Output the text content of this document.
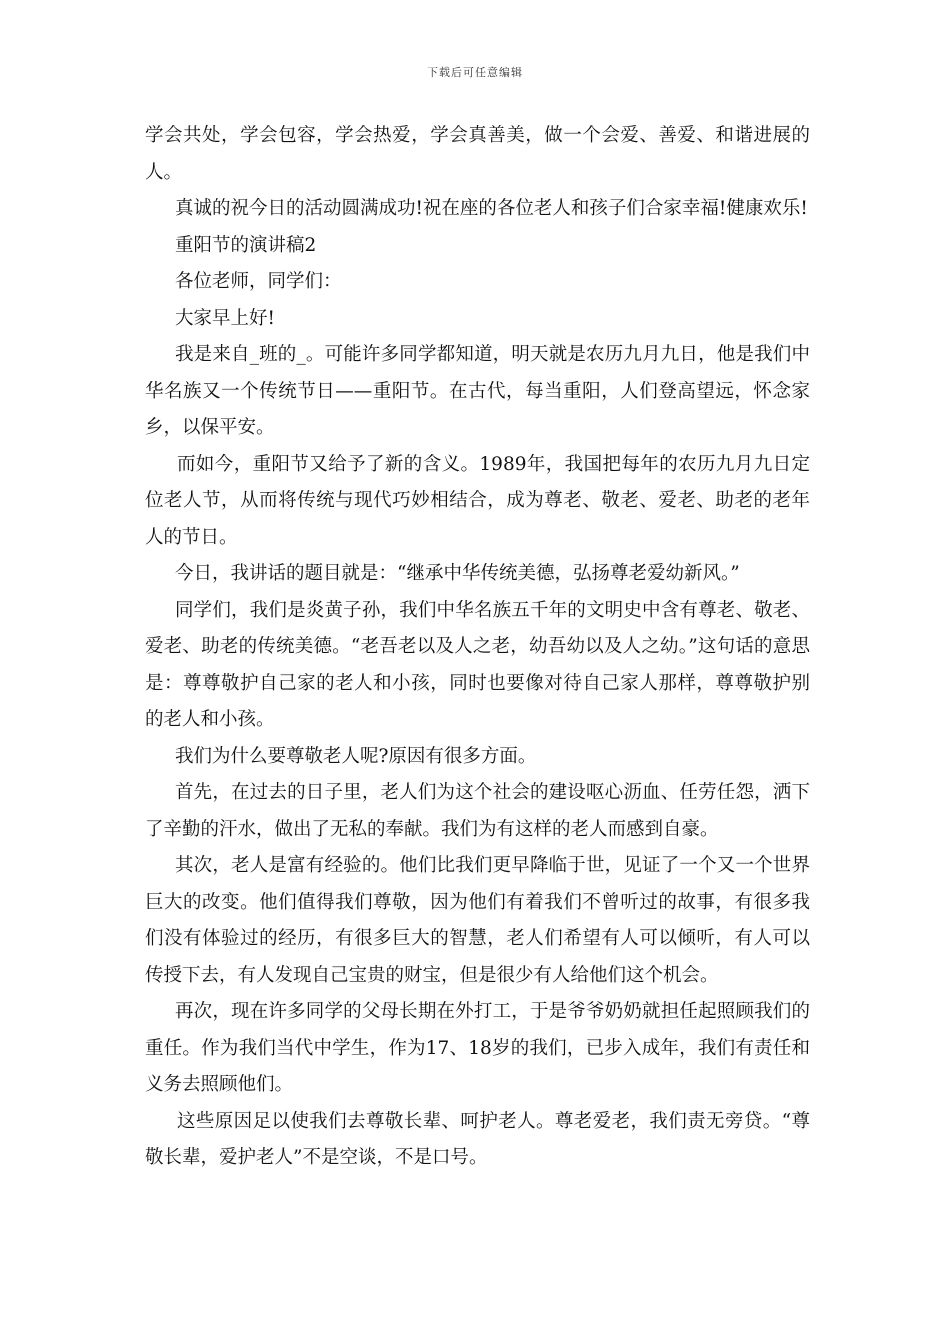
下载后可任意编辑

学会共处，学会包容，学会热爱，学会真善美，做一个会爱、善爱、和谐进展的人。

真诚的祝今日的活动圆满成功!祝在座的各位老人和孩子们合家幸福!健康欢乐!

重阳节的演讲稿2

各位老师，同学们：

大家早上好!

我是来自_班的_。可能许多同学都知道，明天就是农历九月九日，他是我们中华名族又一个传统节日——重阳节。在古代，每当重阳，人们登高望远，怀念家乡，以保平安。

而如今，重阳节又给予了新的含义。1989年，我国把每年的农历九月九日定位老人节，从而将传统与现代巧妙相结合，成为尊老、敬老、爱老、助老的老年人的节日。

今日，我讲话的题目就是：“继承中华传统美德，弘扬尊老爱幼新风。”

同学们，我们是炎黄子孙，我们中华名族五千年的文明史中含有尊老、敬老、爱老、助老的传统美德。“老吾老以及人之老，幼吾幼以及人之幼。”这句话的意思是：尊尊敬护自己家的老人和小孩，同时也要像对待自己家人那样，尊尊敬护别的老人和小孩。

我们为什么要尊敬老人呢?原因有很多方面。

首先，在过去的日子里，老人们为这个社会的建设呕心沥血、任劳任怨，洒下了辛勤的汗水，做出了无私的奉献。我们为有这样的老人而感到自豪。

其次，老人是富有经验的。他们比我们更早降临于世，见证了一个又一个世界巨大的改变。他们值得我们尊敬，因为他们有着我们不曾听过的故事，有很多我们没有体验过的经历，有很多巨大的智慧，老人们希望有人可以倾听，有人可以传授下去，有人发现自己宝贵的财宝，但是很少有人给他们这个机会。

再次，现在许多同学的父母长期在外打工，于是爷爷奶奶就担任起照顾我们的重任。作为我们当代中学生，作为17、18岁的我们，已步入成年，我们有责任和义务去照顾他们。

这些原因足以使我们去尊敬长辈、呵护老人。尊老爱老，我们责无旁贷。“尊敬长辈，爱护老人”不是空谈，不是口号。
